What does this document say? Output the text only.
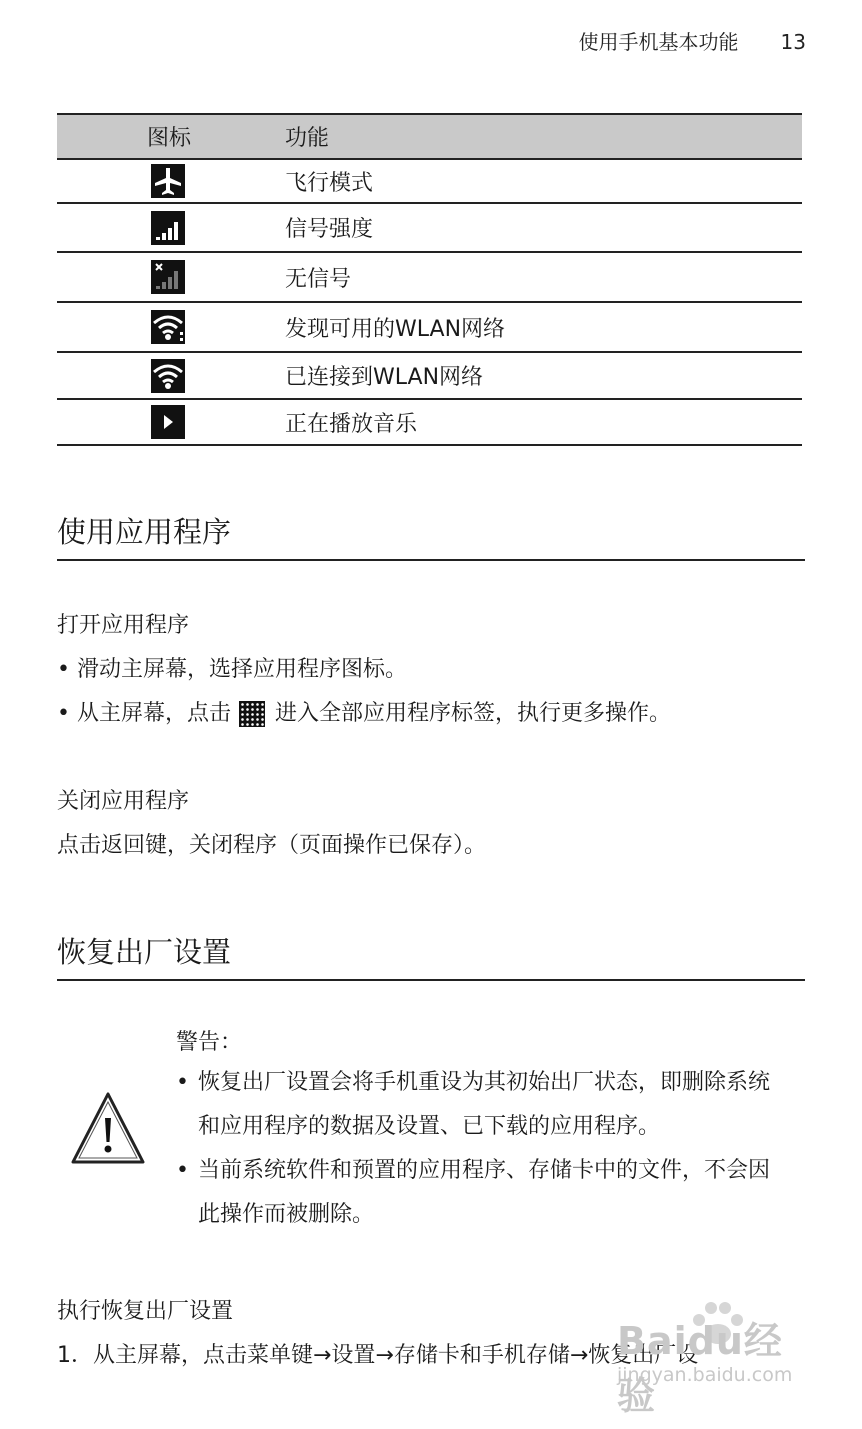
使用手机基本功能 13
图标	功能

	飞行模式

	信号强度

	无信号

	发现可用的WLAN网络

	已连接到WLAN网络

	正在播放音乐
使用应用程序

打开应用程序

• 滑动主屏幕，选择应用程序图标。

• 从主屏幕，点击 进入全部应用程序标签，执行更多操作。

关闭应用程序

点击返回键，关闭程序（页面操作已保存）。

恢复出厂设置

警告：

• 恢复出厂设置会将手机重设为其初始出厂状态，即删除系统和应用程序的数据及设置、已下载的应用程序。

• 当前系统软件和预置的应用程序、存储卡中的文件，不会因此操作而被删除。

执行恢复出厂设置

1．从主屏幕，点击菜单键→设置→存储卡和手机存储→恢复出厂设

Baidu经验
jingyan.baidu.com
